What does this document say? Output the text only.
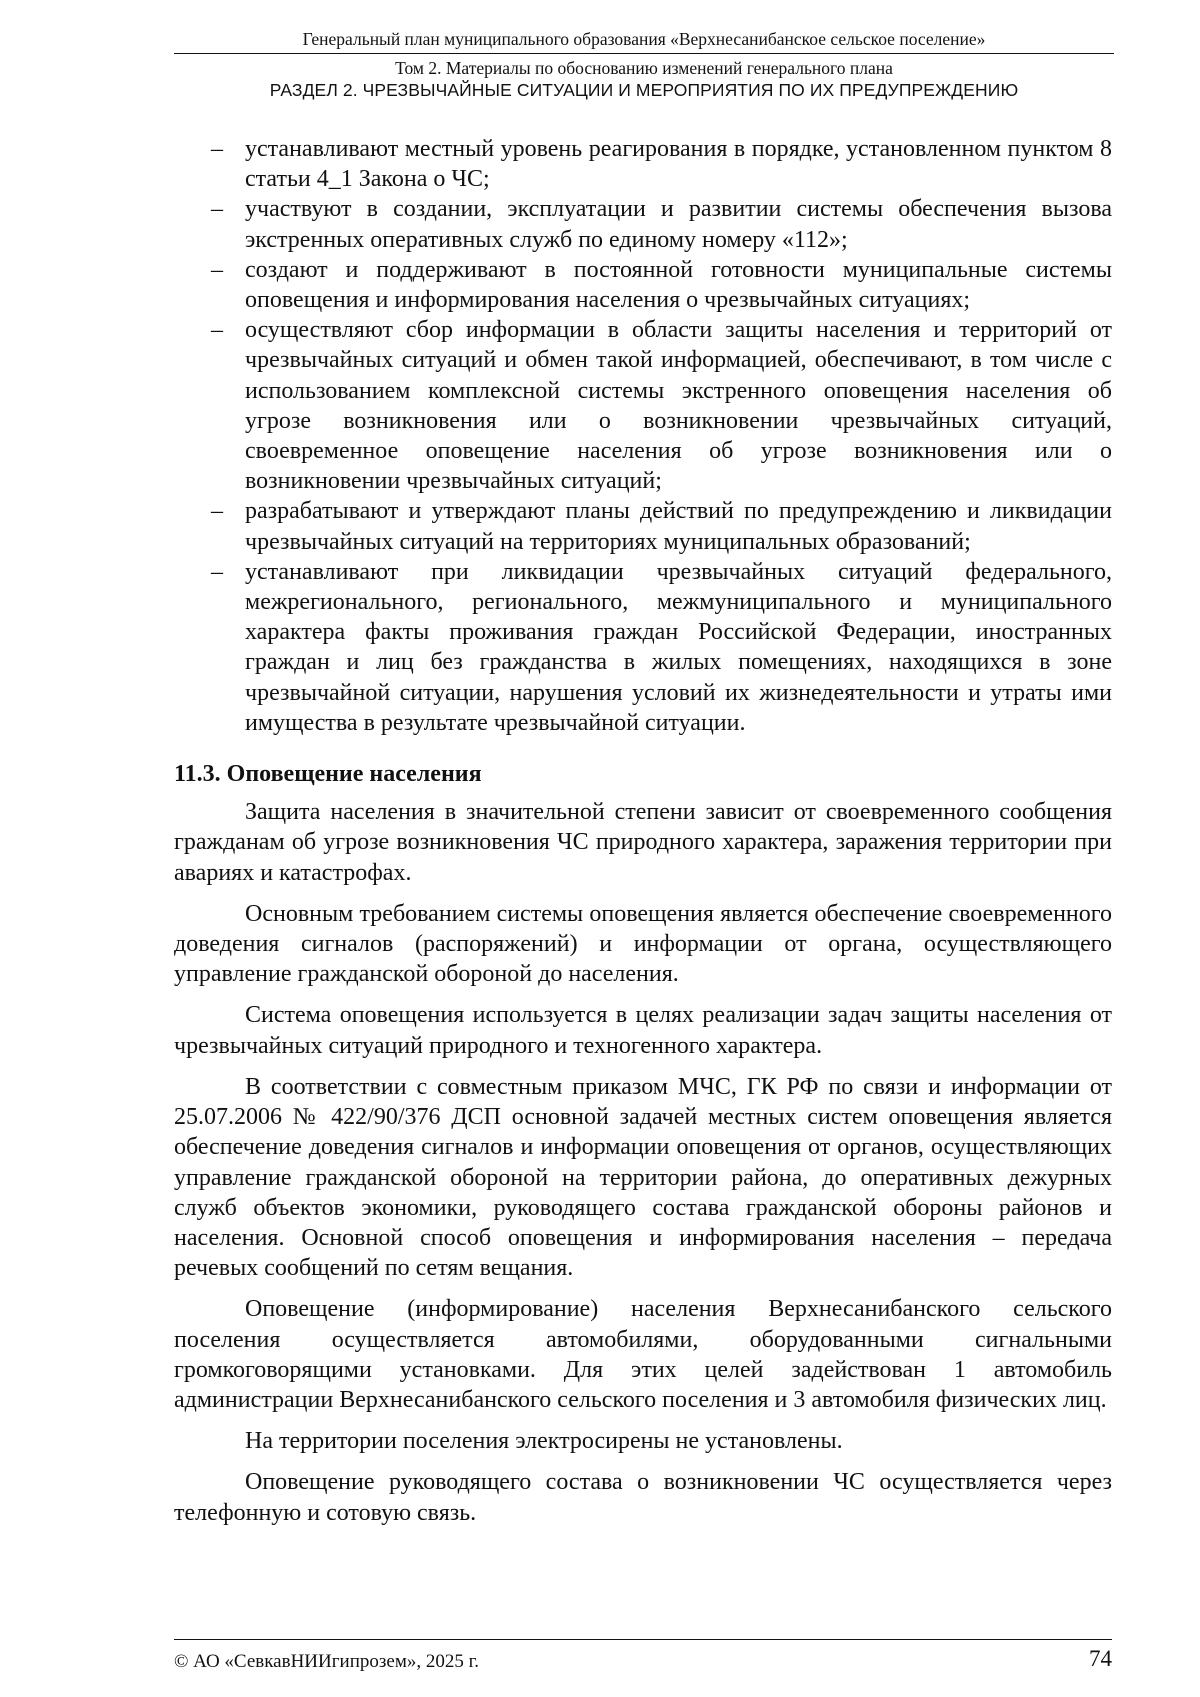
Генеральный план муниципального образования «Верхнесанибанское сельское поселение»
Том 2. Материалы по обоснованию изменений генерального плана
РАЗДЕЛ 2. ЧРЕЗВЫЧАЙНЫЕ СИТУАЦИИ И МЕРОПРИЯТИЯ ПО ИХ ПРЕДУПРЕЖДЕНИЮ
– устанавливают местный уровень реагирования в порядке, установленном пунктом 8 статьи 4_1 Закона о ЧС;
– участвуют в создании, эксплуатации и развитии системы обеспечения вызова экстренных оперативных служб по единому номеру «112»;
– создают и поддерживают в постоянной готовности муниципальные системы оповещения и информирования населения о чрезвычайных ситуациях;
– осуществляют сбор информации в области защиты населения и территорий от чрезвычайных ситуаций и обмен такой информацией, обеспечивают, в том числе с использованием комплексной системы экстренного оповещения населения об угрозе возникновения или о возникновении чрезвычайных ситуаций, своевременное оповещение населения об угрозе возникновения или о возникновении чрезвычайных ситуаций;
– разрабатывают и утверждают планы действий по предупреждению и ликвидации чрезвычайных ситуаций на территориях муниципальных образований;
– устанавливают при ликвидации чрезвычайных ситуаций федерального, межрегионального, регионального, межмуниципального и муниципального характера факты проживания граждан Российской Федерации, иностранных граждан и лиц без гражданства в жилых помещениях, находящихся в зоне чрезвычайной ситуации, нарушения условий их жизнедеятельности и утраты ими имущества в результате чрезвычайной ситуации.
11.3. Оповещение населения

Защита населения в значительной степени зависит от своевременного сообщения гражданам об угрозе возникновения ЧС природного характера, заражения территории при авариях и катастрофах.

Основным требованием системы оповещения является обеспечение своевременного доведения сигналов (распоряжений) и информации от органа, осуществляющего управление гражданской обороной до населения.

Система оповещения используется в целях реализации задач защиты населения от чрезвычайных ситуаций природного и техногенного характера.

В соответствии с совместным приказом МЧС, ГК РФ по связи и информации от 25.07.2006 № 422/90/376 ДСП основной задачей местных систем оповещения является обеспечение доведения сигналов и информации оповещения от органов, осуществляющих управление гражданской обороной на территории района, до оперативных дежурных служб объектов экономики, руководящего состава гражданской обороны районов и населения. Основной способ оповещения и информирования населения – передача речевых сообщений по сетям вещания.

Оповещение (информирование) населения Верхнесанибанского сельского поселения осуществляется автомобилями, оборудованными сигнальными громкоговорящими установками. Для этих целей задействован 1 автомобиль администрации Верхнесанибанского сельского поселения и 3 автомобиля физических лиц.

На территории поселения электросирены не установлены.

Оповещение руководящего состава о возникновении ЧС осуществляется через телефонную и сотовую связь.

© АО «СевкавНИИгипрозем», 2025 г.	74
